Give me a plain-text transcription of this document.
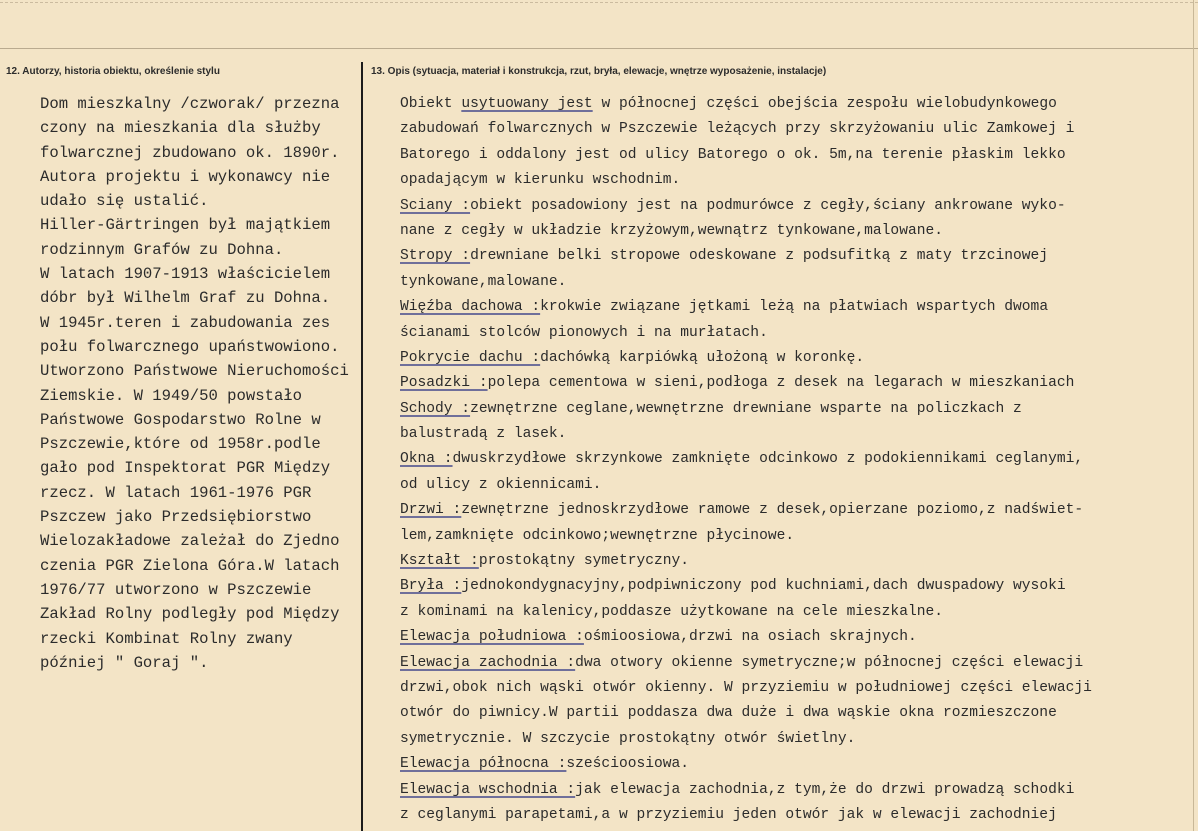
12. Autorzy, historia obiektu, określenie stylu	13. Opis (sytuacja, materiał i konstrukcja, rzut, bryła, elewacje, wnętrze wyposażenie, instalacje)
Dom mieszkalny /czworak/ przezna
czony na mieszkania dla służby
folwarcznej zbudowano ok. 1890r.
Autora projektu i wykonawcy nie
udało się ustalić.
Hiller-Gärtringen był majątkiem
rodzinnym Grafów zu Dohna.
W latach 1907-1913 właścicielem
dóbr był Wilhelm Graf zu Dohna.
W 1945r.teren i zabudowania zes
połu folwarcznego upaństwowiono.
Utworzono Państwowe Nieruchomości
Ziemskie. W 1949/50 powstało
Państwowe Gospodarstwo Rolne w
Pszczewie,które od 1958r.podle
gało pod Inspektorat PGR Między
rzecz. W latach 1961-1976 PGR
Pszczew jako Przedsiębiorstwo
Wielozakładowe zależał do Zjedno
czenia PGR Zielona Góra.W latach
1976/77 utworzono w Pszczewie
Zakład Rolny podległy pod Między
rzecki Kombinat Rolny zwany
później " Goraj ".
Obiekt usytuowany jest w północnej części obejścia zespołu wielobudynkowego
zabudowań folwarcznych w Pszczewie leżących przy skrzyżowaniu ulic Zamkowej i
Batorego i oddalony jest od ulicy Batorego o ok. 5m,na terenie płaskim lekko
opadającym w kierunku wschodnim.
Sciany :obiekt posadowiony jest na podmurówce z cegły,ściany ankrowane wyko-
nane z cegły w układzie krzyżowym,wewnątrz tynkowane,malowane.
Stropy :drewniane belki stropowe odeskowane z podsufitką z maty trzcinowej
tynkowane,malowane.
Więźba dachowa :krokwie związane jętkami leżą na płatwiach wspartych dwoma
ścianami stolców pionowych i na murłatach.
Pokrycie dachu :dachówką karpiówką ułożoną w koronkę.
Posadzki :polepa cementowa w sieni,podłoga z desek na legarach w mieszkaniach
Schody :zewnętrzne ceglane,wewnętrzne drewniane wsparte na policzkach z
balustradą z lasek.
Okna :dwuskrzydłowe skrzynkowe zamknięte odcinkowo z podokiennikami ceglanymi,
od ulicy z okiennicami.
Drzwi :zewnętrzne jednoskrzydłowe ramowe z desek,opierzane poziomo,z nadświet-
lem,zamknięte odcinkowo;wewnętrzne płycinowe.
Kształt :prostokątny symetryczny.
Bryła :jednokondygnacyjny,podpiwniczony pod kuchniami,dach dwuspadowy wysoki
z kominami na kalenicy,poddasze użytkowane na cele mieszkalne.
Elewacja południowa :ośmioosiowa,drzwi na osiach skrajnych.
Elewacja zachodnia :dwa otwory okienne symetryczne;w północnej części elewacji
drzwi,obok nich wąski otwór okienny. W przyziemiu w południowej części elewacji
otwór do piwnicy.W partii poddasza dwa duże i dwa wąskie okna rozmieszczone
symetrycznie. W szczycie prostokątny otwór świetlny.
Elewacja północna :sześcioosiowa.
Elewacja wschodnia :jak elewacja zachodnia,z tym,że do drzwi prowadzą schodki
z ceglanymi parapetami,a w przyziemiu jeden otwór jak w elewacji zachodniej
